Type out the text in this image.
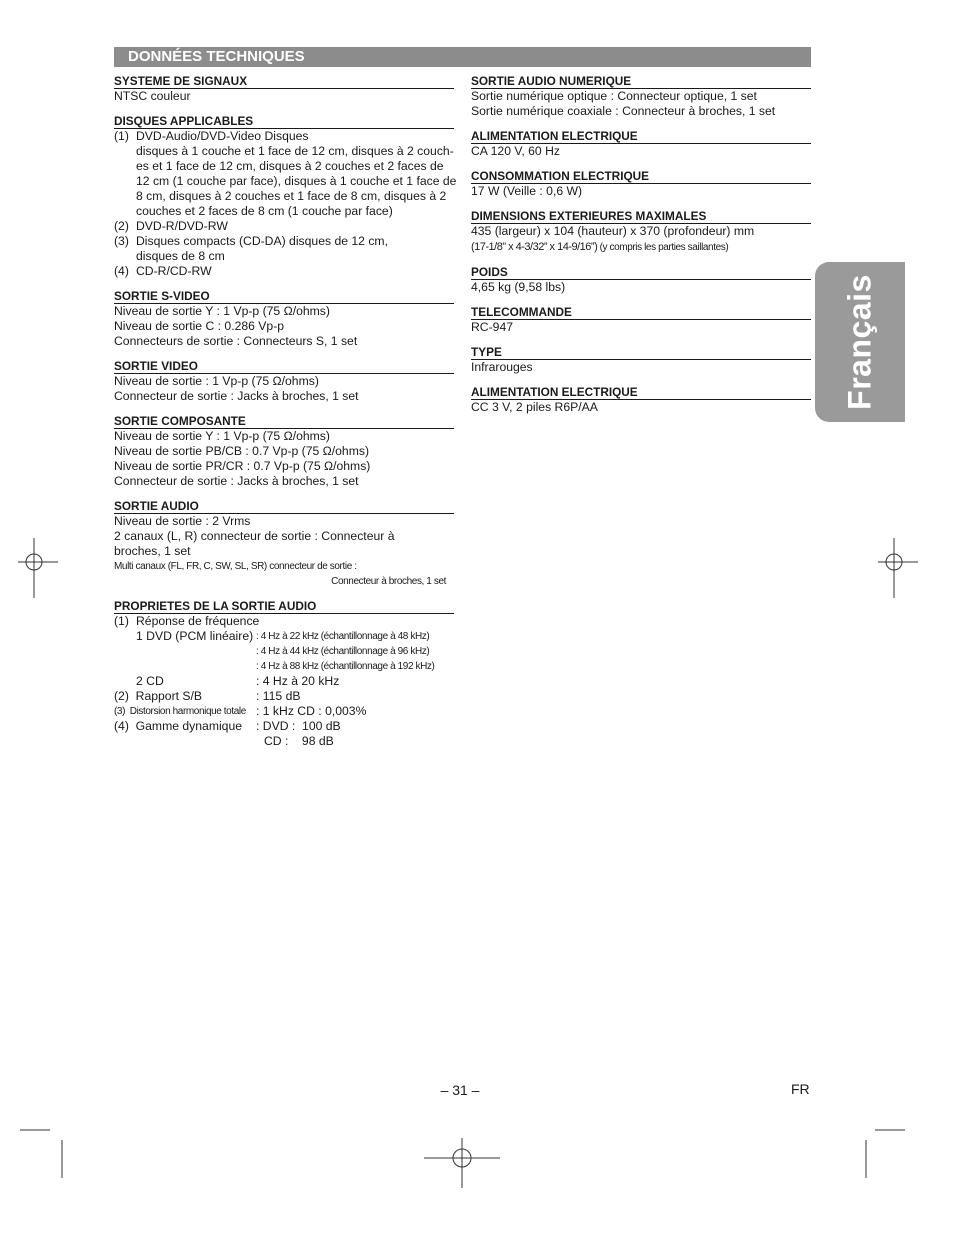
DONNÉES TECHNIQUES
SYSTEME DE SIGNAUX
NTSC couleur
DISQUES APPLICABLES
(1) DVD-Audio/DVD-Video Disques
disques à 1 couche et 1 face de 12 cm, disques à 2 couch-
es et 1 face de 12 cm, disques à 2 couches et 2 faces de
12 cm (1 couche par face), disques à 1 couche et 1 face de
8 cm, disques à 2 couches et 1 face de 8 cm, disques à 2
couches et 2 faces de 8 cm (1 couche par face)
(2) DVD-R/DVD-RW
(3) Disques compacts (CD-DA) disques de 12 cm,
disques de 8 cm
(4) CD-R/CD-RW
SORTIE S-VIDEO
Niveau de sortie Y : 1 Vp-p (75 Ω/ohms)
Niveau de sortie C : 0.286 Vp-p
Connecteurs de sortie : Connecteurs S, 1 set
SORTIE VIDEO
Niveau de sortie : 1 Vp-p (75 Ω/ohms)
Connecteur de sortie : Jacks à broches, 1 set
SORTIE COMPOSANTE
Niveau de sortie Y : 1 Vp-p (75 Ω/ohms)
Niveau de sortie PB/CB : 0.7 Vp-p (75 Ω/ohms)
Niveau de sortie PR/CR : 0.7 Vp-p (75 Ω/ohms)
Connecteur de sortie : Jacks à broches, 1 set
SORTIE AUDIO
Niveau de sortie : 2 Vrms
2 canaux (L, R) connecteur de sortie : Connecteur à
broches, 1 set
Multi canaux (FL, FR, C, SW, SL, SR) connecteur de sortie :
Connecteur à broches, 1 set
PROPRIETES DE LA SORTIE AUDIO
(1) Réponse de fréquence
1 DVD (PCM linéaire) : 4 Hz à 22 kHz (échantillonnage à 48 kHz)
: 4 Hz à 44 kHz (échantillonnage à 96 kHz)
: 4 Hz à 88 kHz (échantillonnage à 192 kHz)
2 CD	: 4 Hz à 20 kHz
(2)  Rapport S/B	: 115 dB
(3)  Distorsion harmonique totale : 1 kHz CD : 0,003%
(4)  Gamme dynamique	: DVD :  100 dB
CD :    98 dB
SORTIE AUDIO NUMERIQUE
Sortie numérique optique : Connecteur optique, 1 set
Sortie numérique coaxiale : Connecteur à broches, 1 set
ALIMENTATION ELECTRIQUE
CA 120 V, 60 Hz
CONSOMMATION ELECTRIQUE
17 W (Veille : 0,6 W)
DIMENSIONS EXTERIEURES MAXIMALES
435 (largeur) x 104 (hauteur) x 370 (profondeur) mm
(17-1/8” x 4-3/32” x 14-9/16”) (y compris les parties saillantes)
POIDS
4,65 kg (9,58 lbs)
TELECOMMANDE
RC-947
TYPE
Infrarouges
ALIMENTATION ELECTRIQUE
CC 3 V, 2 piles R6P/AA	Français
– 31 –	FR
